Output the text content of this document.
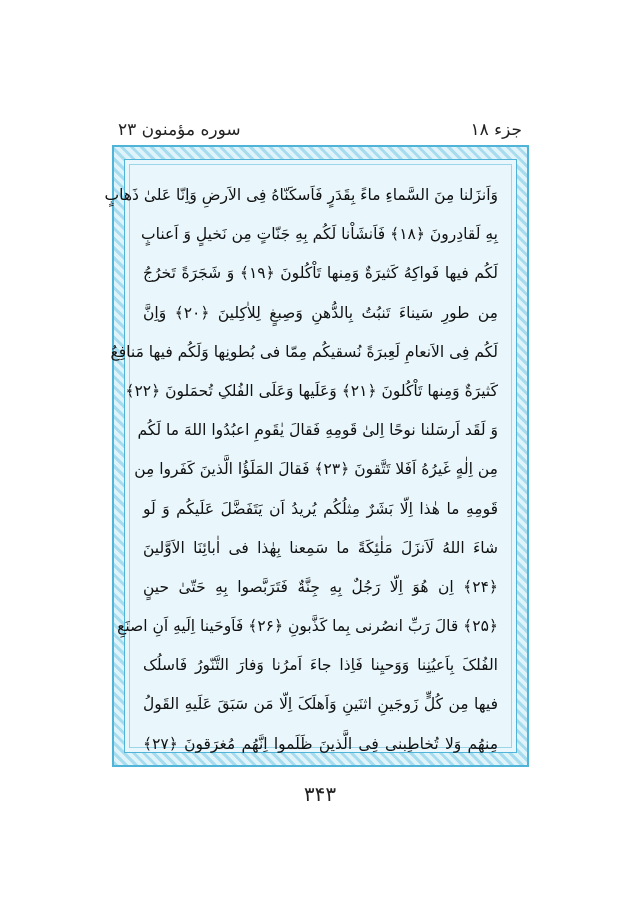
جزء ۱۸
سوره مؤمنون ۲۳
وَاَنزَلنا مِنَ السَّماءِ ماءً بِقَدَرٍ فَاَسکَنّاهُ فِی الاَرضِ وَاِنّا عَلیٰ ذَهابٍ
بِهِ لَقادِرونَ ﴿۱۸﴾ فَاَنشَاْنا لَکُم بِهِ جَنّاتٍ مِن نَخیلٍ وَ اَعنابٍ
لَکُم فیها فَواکِهُ کَثیرَةٌ وَمِنها تَاْکُلونَ ﴿۱۹﴾ وَ شَجَرَةً تَخرُجُ
مِن طورِ سَیناءَ تَنبُتُ بِالدُّهنِ وَصِبغٍ لِلاٰکِلینَ ﴿۲۰﴾ وَاِنَّ
لَکُم فِی الاَنعامِ لَعِبرَةً نُسقیکُم مِمّا فی بُطونِها وَلَکُم فیها مَنافِعُ
کَثیرَةٌ وَمِنها تَاْکُلونَ ﴿۲۱﴾ وَعَلَیها وَعَلَی الفُلکِ تُحمَلونَ ﴿۲۲﴾
وَ لَقَد اَرسَلنا نوحًا اِلیٰ قَومِهِ فَقالَ یٰقَومِ اعبُدُوا اللهَ ما لَکُم
مِن اِلٰهٍ غَیرُهُ اَفَلا تَتَّقونَ ﴿۲۳﴾ فَقالَ المَلَؤُا الَّذینَ کَفَروا مِن
قَومِهِ ما هٰذا اِلّا بَشَرٌ مِثلُکُم یُریدُ اَن یَتَفَضَّلَ عَلَیکُم وَ لَو
شاءَ اللهُ لَاَنزَلَ مَلٰئِکَةً ما سَمِعنا بِهٰذا فی اٰبائِنَا الاَوَّلینَ
﴿۲۴﴾ اِن هُوَ اِلّا رَجُلٌ بِهِ جِنَّةٌ فَتَرَبَّصوا بِهِ حَتّیٰ حینٍ
﴿۲۵﴾ قالَ رَبِّ انصُرنی بِما کَذَّبونِ ﴿۲۶﴾ فَاَوحَینا اِلَیهِ اَنِ اصنَعِ
الفُلکَ بِاَعیُنِنا وَوَحیِنا فَاِذا جاءَ اَمرُنا وَفارَ التَّنّورُ فَاسلُک
فیها مِن کُلٍّ زَوجَینِ اثنَینِ وَاَهلَکَ اِلّا مَن سَبَقَ عَلَیهِ القَولُ
مِنهُم وَلا تُخاطِبنی فِی الَّذینَ ظَلَموا اِنَّهُم مُغرَقونَ ﴿۲۷﴾
۳۴۳
